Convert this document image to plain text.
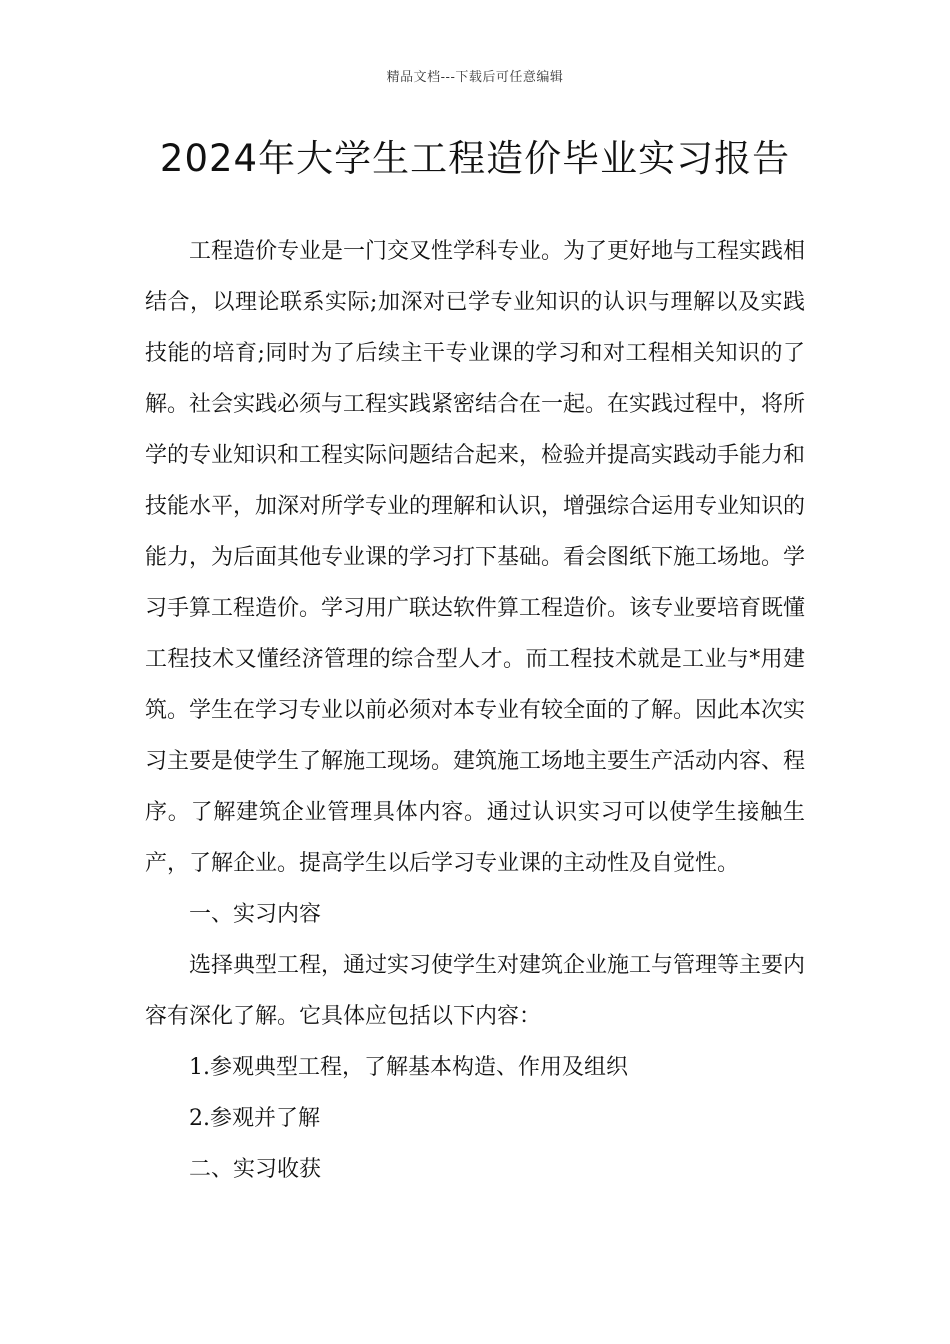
精品文档---下载后可任意编辑
2024年大学生工程造价毕业实习报告

工程造价专业是一门交叉性学科专业。为了更好地与工程实践相结合，以理论联系实际;加深对已学专业知识的认识与理解以及实践技能的培育;同时为了后续主干专业课的学习和对工程相关知识的了解。社会实践必须与工程实践紧密结合在一起。在实践过程中，将所学的专业知识和工程实际问题结合起来，检验并提高实践动手能力和技能水平，加深对所学专业的理解和认识，增强综合运用专业知识的能力，为后面其他专业课的学习打下基础。看会图纸下施工场地。学习手算工程造价。学习用广联达软件算工程造价。该专业要培育既懂工程技术又懂经济管理的综合型人才。而工程技术就是工业与*用建筑。学生在学习专业以前必须对本专业有较全面的了解。因此本次实习主要是使学生了解施工现场。建筑施工场地主要生产活动内容、程序。了解建筑企业管理具体内容。通过认识实习可以使学生接触生产，了解企业。提高学生以后学习专业课的主动性及自觉性。

一、实习内容

选择典型工程，通过实习使学生对建筑企业施工与管理等主要内容有深化了解。它具体应包括以下内容：

1.参观典型工程，了解基本构造、作用及组织

2.参观并了解

二、实习收获
